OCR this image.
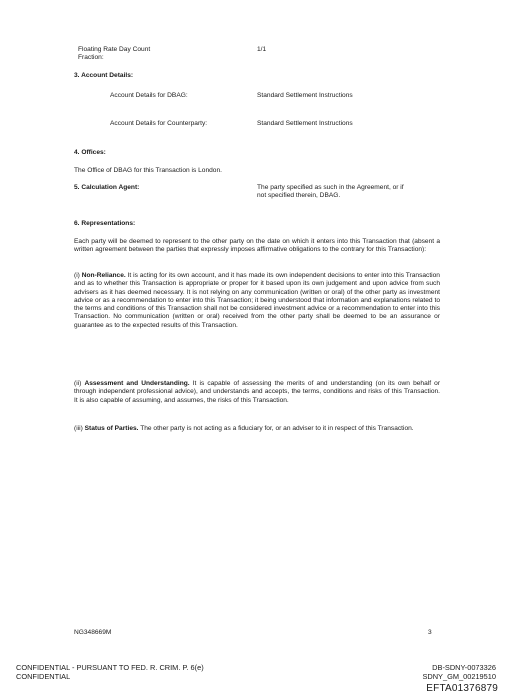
Floating Rate Day Count
Fraction:
1/1
3. Account Details:
Account Details for DBAG:	Standard Settlement Instructions
Account Details for Counterparty:	Standard Settlement Instructions
4. Offices:
The Office of DBAG for this Transaction is London.
5. Calculation Agent:	The party specified as such in the Agreement, or if
not specified therein, DBAG.
6. Representations:
Each party will be deemed to represent to the other party on the date on which it enters into this Transaction that (absent a written agreement between the parties that expressly imposes affirmative obligations to the contrary for this Transaction):
(i) Non-Reliance. It is acting for its own account, and it has made its own independent decisions to enter into this Transaction and as to whether this Transaction is appropriate or proper for it based upon its own judgement and upon advice from such advisers as it has deemed necessary. It is not relying on any communication (written or oral) of the other party as investment advice or as a recommendation to enter into this Transaction; it being understood that information and explanations related to the terms and conditions of this Transaction shall not be considered investment advice or a recommendation to enter into this Transaction. No communication (written or oral) received from the other party shall be deemed to be an assurance or guarantee as to the expected results of this Transaction.
(ii) Assessment and Understanding. It is capable of assessing the merits of and understanding (on its own behalf or through independent professional advice), and understands and accepts, the terms, conditions and risks of this Transaction. It is also capable of assuming, and assumes, the risks of this Transaction.
(iii) Status of Parties. The other party is not acting as a fiduciary for, or an adviser to it in respect of this Transaction.
NG348669M	3
CONFIDENTIAL - PURSUANT TO FED. R. CRIM. P. 6(e)
CONFIDENTIAL
DB-SDNY-0073326
SDNY_GM_00219510
EFTA01376879
